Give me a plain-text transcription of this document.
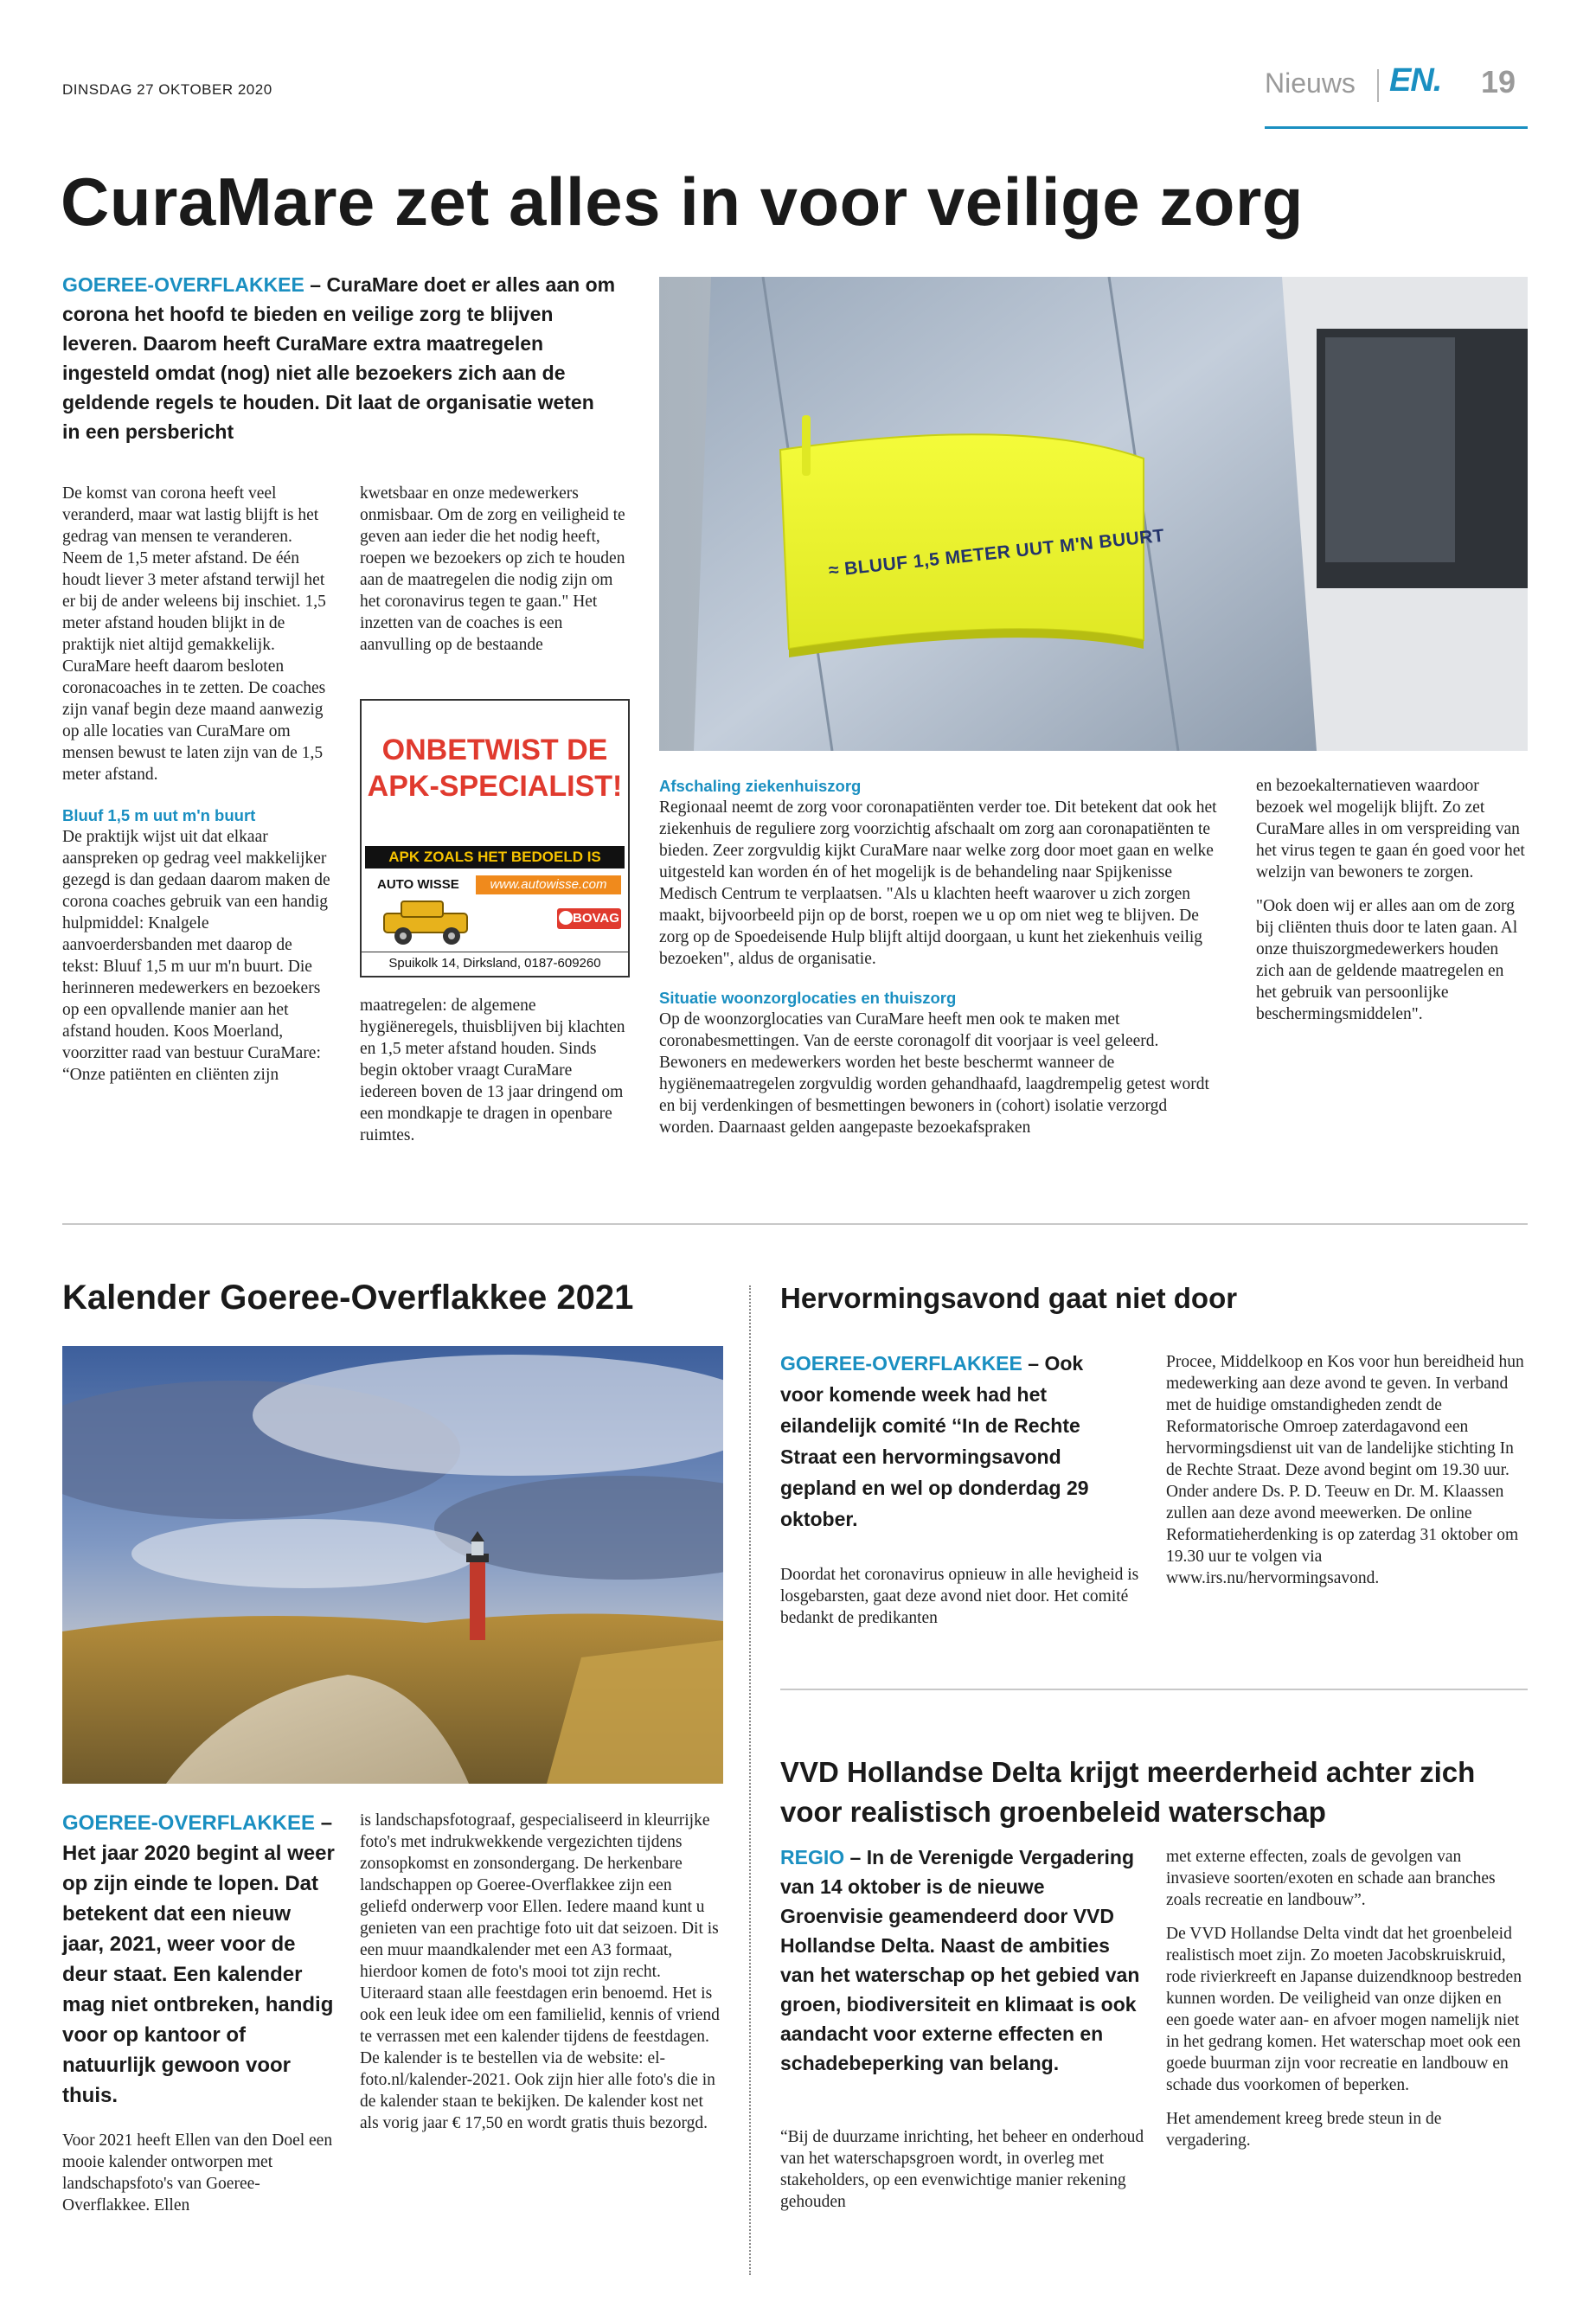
DINSDAG 27 OKTOBER 2020	Nieuws EN. 19
CuraMare zet alles in voor veilige zorg
GOEREE-OVERFLAKKEE – CuraMare doet er alles aan om corona het hoofd te bieden en veilige zorg te blijven leveren. Daarom heeft CuraMare extra maatregelen ingesteld omdat (nog) niet alle bezoekers zich aan de geldende regels te houden. Dit laat de organisatie weten in een persbericht

De komst van corona heeft veel veranderd, maar wat lastig blijft is het gedrag van mensen te veranderen. Neem de 1,5 meter afstand. De één houdt liever 3 meter afstand terwijl het er bij de ander weleens bij inschiet. 1,5 meter afstand houden blijkt in de praktijk niet altijd gemakkelijk. CuraMare heeft daarom besloten coronacoaches in te zetten. De coaches zijn vanaf begin deze maand aanwezig op alle locaties van CuraMare om mensen bewust te laten zijn van de 1,5 meter afstand.

Bluuf 1,5 m uut m'n buurt

De praktijk wijst uit dat elkaar aanspreken op gedrag veel makkelijker gezegd is dan gedaan daarom maken de corona coaches gebruik van een handig hulpmiddel: Knalgele aanvoerdersbanden met daarop de tekst: Bluuf 1,5 m uur m'n buurt. Die herinneren medewerkers en bezoekers op een opvallende manier aan het afstand houden. Koos Moerland, voorzitter raad van bestuur CuraMare: “Onze patiënten en cliënten zijn

kwetsbaar en onze medewerkers onmisbaar. Om de zorg en veiligheid te geven aan ieder die het nodig heeft, roepen we bezoekers op zich te houden aan de maatregelen die nodig zijn om het coronavirus tegen te gaan." Het inzetten van de coaches is een aanvulling op de bestaande

ONBETWIST DE
APK-SPECIALIST!
APK ZOALS HET BEDOELD IS
AUTO WISSE	www.autowisse.com
BOVAG
Spuikolk 14, Dirksland, 0187-609260

maatregelen: de algemene hygiëneregels, thuisblijven bij klachten en 1,5 meter afstand houden. Sinds begin oktober vraagt CuraMare iedereen boven de 13 jaar dringend om een mondkapje te dragen in openbare ruimtes.

≈ BLUUF 1,5 METER UUT M'N BUURT

Afschaling ziekenhuiszorg

Regionaal neemt de zorg voor coronapatiënten verder toe. Dit betekent dat ook het ziekenhuis de reguliere zorg voorzichtig afschaalt om zorg aan coronapatiënten te bieden. Zeer zorgvuldig kijkt CuraMare naar welke zorg door moet gaan en welke uitgesteld kan worden én of het mogelijk is de behandeling naar Spijkenisse Medisch Centrum te verplaatsen. "Als u klachten heeft waarover u zich zorgen maakt, bijvoorbeeld pijn op de borst, roepen we u op om niet weg te blijven. De zorg op de Spoedeisende Hulp blijft altijd doorgaan, u kunt het ziekenhuis veilig bezoeken", aldus de organisatie.

Situatie woonzorglocaties en thuiszorg

Op de woonzorglocaties van CuraMare heeft men ook te maken met coronabesmettingen. Van de eerste coronagolf dit voorjaar is veel geleerd. Bewoners en medewerkers worden het beste beschermt wanneer de hygiënemaatregelen zorgvuldig worden gehandhaafd, laagdrempelig getest wordt en bij verdenkingen of besmettingen bewoners in (cohort) isolatie verzorgd worden. Daarnaast gelden aangepaste bezoekafspraken

en bezoekalternatieven waardoor bezoek wel mogelijk blijft. Zo zet CuraMare alles in om verspreiding van het virus tegen te gaan én goed voor het welzijn van bewoners te zorgen.

"Ook doen wij er alles aan om de zorg bij cliënten thuis door te laten gaan. Al onze thuiszorgmedewerkers houden zich aan de geldende maatregelen en het gebruik van persoonlijke beschermingsmiddelen".

Kalender Goeree-Overflakkee 2021
GOEREE-OVERFLAKKEE – Het jaar 2020 begint al weer op zijn einde te lopen. Dat betekent dat een nieuw jaar, 2021, weer voor de deur staat. Een kalender mag niet ontbreken, handig voor op kantoor of natuurlijk gewoon voor thuis.

Voor 2021 heeft Ellen van den Doel een mooie kalender ontworpen met landschapsfoto's van Goeree-Overflakkee. Ellen

is landschapsfotograaf, gespecialiseerd in kleurrijke foto's met indrukwekkende vergezichten tijdens zonsopkomst en zonsondergang. De herkenbare landschappen op Goeree-Overflakkee zijn een geliefd onderwerp voor Ellen. Iedere maand kunt u genieten van een prachtige foto uit dat seizoen. Dit is een muur maandkalender met een A3 formaat, hierdoor komen de foto's mooi tot zijn recht. Uiteraard staan alle feestdagen erin benoemd. Het is ook een leuk idee om een familielid, kennis of vriend te verrassen met een kalender tijdens de feestdagen. De kalender is te bestellen via de website: el-foto.nl/kalender-2021. Ook zijn hier alle foto's die in de kalender staan te bekijken. De kalender kost net als vorig jaar € 17,50 en wordt gratis thuis bezorgd.

Hervormingsavond gaat niet door
GOEREE-OVERFLAKKEE – Ook voor komende week had het eilandelijk comité ‘‘In de Rechte Straat een hervormingsavond gepland en wel op donderdag 29 oktober.

Doordat het coronavirus opnieuw in alle hevigheid is losgebarsten, gaat deze avond niet door. Het comité bedankt de predikanten

Procee, Middelkoop en Kos voor hun bereidheid hun medewerking aan deze avond te geven. In verband met de huidige omstandigheden zendt de Reformatorische Omroep zaterdagavond een hervormingsdienst uit van de landelijke stichting In de Rechte Straat. Deze avond begint om 19.30 uur. Onder andere Ds. P. D. Teeuw en Dr. M. Klaassen zullen aan deze avond meewerken. De online Reformatieherdenking is op zaterdag 31 oktober om 19.30 uur te volgen via www.irs.nu/hervormingsavond.

VVD Hollandse Delta krijgt meerderheid achter zich voor realistisch groenbeleid waterschap
REGIO – In de Verenigde Vergadering van 14 oktober is de nieuwe Groenvisie geamendeerd door VVD Hollandse Delta. Naast de ambities van het waterschap op het gebied van groen, biodiversiteit en klimaat is ook aandacht voor externe effecten en schadebeperking van belang.

“Bij de duurzame inrichting, het beheer en onderhoud van het waterschapsgroen wordt, in overleg met stakeholders, op een evenwichtige manier rekening gehouden

met externe effecten, zoals de gevolgen van invasieve soorten/exoten en schade aan branches zoals recreatie en landbouw”.

De VVD Hollandse Delta vindt dat het groenbeleid realistisch moet zijn. Zo moeten Jacobskruiskruid, rode rivierkreeft en Japanse duizendknoop bestreden kunnen worden. De veiligheid van onze dijken en een goede water aan- en afvoer mogen namelijk niet in het gedrang komen. Het waterschap moet ook een goede buurman zijn voor recreatie en landbouw en schade dus voorkomen of beperken.

Het amendement kreeg brede steun in de vergadering.
